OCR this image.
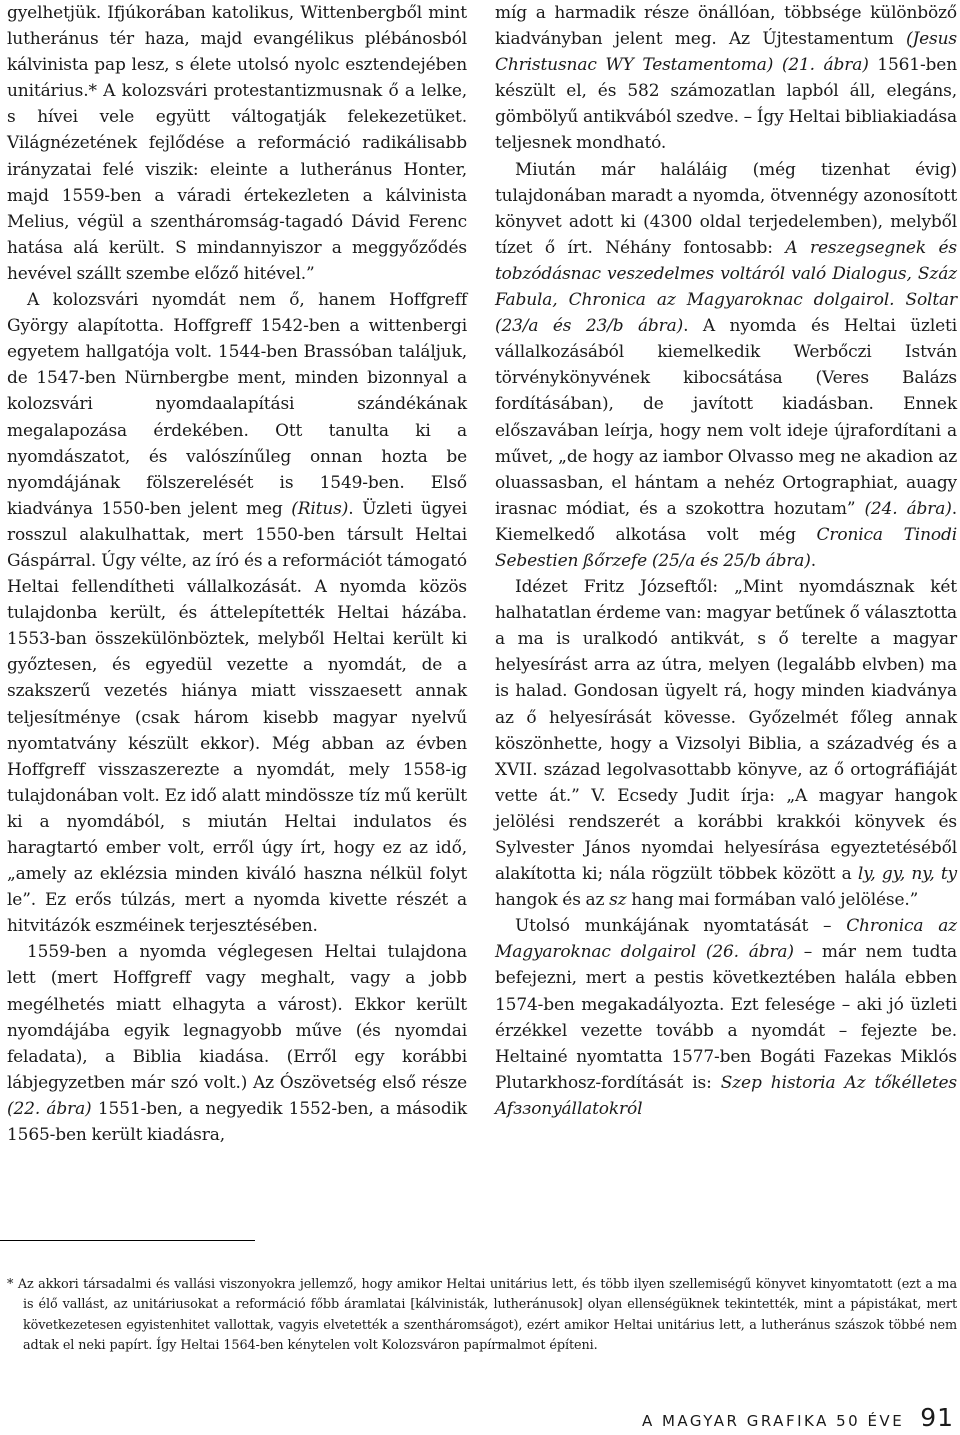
gyelhetjük. Ifjúkorában katolikus, Wittenbergből mint lutheránus tér haza, majd evangélikus plébánosból kálvinista pap lesz, s élete utolsó nyolc esztendejében unitárius.* A kolozsvári protestantizmusnak ő a lelke, s hívei vele együtt váltogatják felekezetüket. Világnézetének fejlődése a reformáció radikálisabb irányzatai felé viszik: eleinte a lutheránus Honter, majd 1559-ben a váradi értekezleten a kálvinista Melius, végül a szentháromság-tagadó Dávid Ferenc hatása alá került. S mindannyiszor a meggyőződés hevével szállt szembe előző hitével.”

A kolozsvári nyomdát nem ő, hanem Hoffgreff György alapította. Hoffgreff 1542-ben a wittenbergi egyetem hallgatója volt. 1544-ben Brassóban találjuk, de 1547-ben Nürnbergbe ment, minden bizonnyal a kolozsvári nyomdaalapítási szándékának megalapozása érdekében. Ott tanulta ki a nyomdászatot, és valószínűleg onnan hozta be nyomdájának fölszerelését is 1549-ben. Első kiadványa 1550-ben jelent meg (Ritus). Üzleti ügyei rosszul alakulhattak, mert 1550-ben társult Heltai Gáspárral. Úgy vélte, az író és a reformációt támogató Heltai fellendítheti vállalkozását. A nyomda közös tulajdonba került, és áttelepítették Heltai házába. 1553-ban összekülönböztek, melyből Heltai került ki győztesen, és egyedül vezette a nyomdát, de a szakszerű vezetés hiánya miatt visszaesett annak teljesítménye (csak három kisebb magyar nyelvű nyomtatvány készült ekkor). Még abban az évben Hoffgreff visszaszerezte a nyomdát, mely 1558-ig tulajdonában volt. Ez idő alatt mindössze tíz mű került ki a nyomdából, s miután Heltai indulatos és haragtartó ember volt, erről úgy írt, hogy ez az idő, „amely az eklézsia minden kiváló haszna nélkül folyt le”. Ez erős túlzás, mert a nyomda kivette részét a hitvitázók eszméinek terjesztésében.

1559-ben a nyomda véglegesen Heltai tulajdona lett (mert Hoffgreff vagy meghalt, vagy a jobb megélhetés miatt elhagyta a várost). Ekkor került nyomdájába egyik legnagyobb műve (és nyomdai feladata), a Biblia kiadása. (Erről egy korábbi lábjegyzetben már szó volt.) Az Ószövetség első része (22. ábra) 1551-ben, a negyedik 1552-ben, a második 1565-ben került kiadásra,

míg a harmadik része önállóan, többsége különböző kiadványban jelent meg. Az Újtestamentum (Jesus Christusnac WY Testamentoma) (21. ábra) 1561-ben készült el, és 582 számozatlan lapból áll, elegáns, gömbölyű antikvából szedve. – Így Heltai bibliakiadása teljesnek mondható.

Miután már haláláig (még tizenhat évig) tulajdonában maradt a nyomda, ötvennégy azonosított könyvet adott ki (4300 oldal terjedelemben), melyből tízet ő írt. Néhány fontosabb: A reszegsegnek és tobzódásnac veszedelmes voltáról való Dialogus, Száz Fabula, Chronica az Magyaroknac dolgairol. Soltar (23/a és 23/b ábra). A nyomda és Heltai üzleti vállalkozásából kiemelkedik Werbőczi István törvénykönyvének kibocsátása (Veres Balázs fordításában), de javított kiadásban. Ennek előszavában leírja, hogy nem volt ideje újrafordítani a művet, „de hogy az iambor Olvasso meg ne akadion az oluassasban, el hántam a nehéz Ortographiat, auagy irasnac módiat, és a szokottra hozutam” (24. ábra). Kiemelkedő alkotása volt még Cronica Tinodi Sebestien ßőrzefe (25/a és 25/b ábra).

Idézet Fritz Józseftől: „Mint nyomdásznak két halhatatlan érdeme van: magyar betűnek ő választotta a ma is uralkodó antikvát, s ő terelte a magyar helyesírást arra az útra, melyen (legalább elvben) ma is halad. Gondosan ügyelt rá, hogy minden kiadványa az ő helyesírását kövesse. Győzelmét főleg annak köszönhette, hogy a Vizsolyi Biblia, a századvég és a XVII. század legolvasottabb könyve, az ő ortográfiáját vette át.” V. Ecsedy Judit írja: „A magyar hangok jelölési rendszerét a korábbi krakkói könyvek és Sylvester János nyomdai helyesírása egyeztetéséből alakította ki; nála rögzült többek között a ly, gy, ny, ty hangok és az sz hang mai formában való jelölése.”

Utolsó munkájának nyomtatását – Chronica az Magyaroknac dolgairol (26. ábra) – már nem tudta befejezni, mert a pestis következtében halála ebben 1574-ben megakadályozta. Ezt felesége – aki jó üzleti érzékkel vezette tovább a nyomdát – fejezte be. Heltainé nyomtatta 1577-ben Bogáti Fazekas Miklós Plutarkhosz-fordítását is: Szep historia Az tőkélletes Afззonyállatokról

* Az akkori társadalmi és vallási viszonyokra jellemző, hogy amikor Heltai unitárius lett, és több ilyen szellemiségű könyvet kinyomtatott (ezt a ma is élő vallást, az unitáriusokat a reformáció főbb áramlatai [kálvinisták, lutheránusok] olyan ellenségüknek tekintették, mint a pápistákat, mert következetesen egyistenhitet vallottak, vagyis elvetették a szentháromságot), ezért amikor Heltai unitárius lett, a lutheránus szászok többé nem adtak el neki papírt. Így Heltai 1564-ben kénytelen volt Kolozsváron papírmalmot építeni.

A MAGYAR GRAFIKA 50 ÉVE 91
